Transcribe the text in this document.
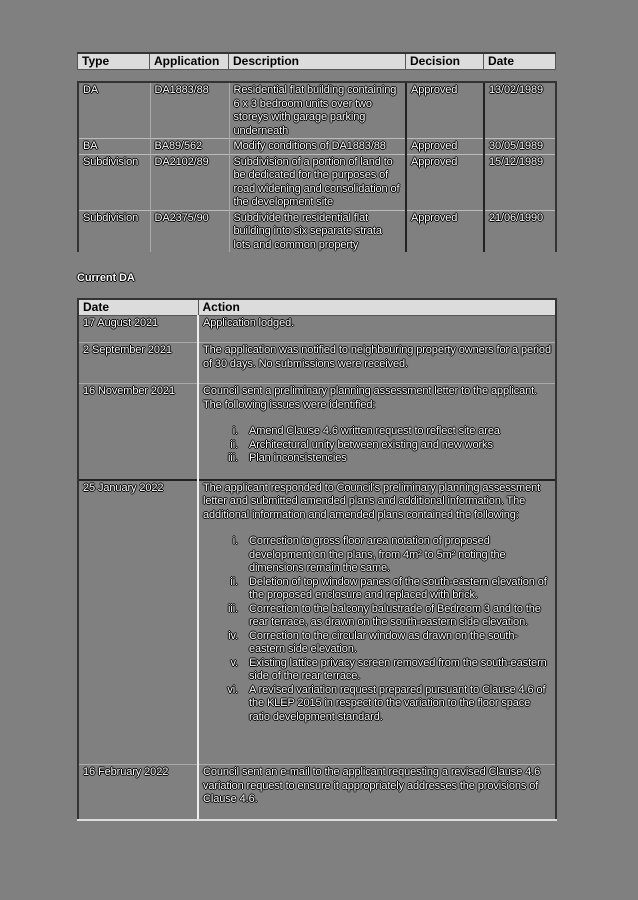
Type	Application	Description	Decision	Date
DA	DA1883/88	Residential flat building containing 6 x 3 bedroom units over two storeys with garage parking underneath	Approved	13/02/1989
BA	BA89/562	Modify conditions of DA1883/88	Approved	30/05/1989
Subdivision	DA2102/89	Subdivision of a portion of land to be dedicated for the purposes of road widening and consolidation of the development site	Approved	15/12/1989
Subdivision	DA2375/90	Subdivide the residential flat building into six separate strata lots and common property	Approved	21/06/1990
Current DA
Date	Action
17 August 2021	Application lodged.
2 September 2021	The application was notified to neighbouring property owners for a period of 30 days. No submissions were received.
16 November 2021	Council sent a preliminary planning assessment letter to the applicant. The following issues were identified:

i. Amend Clause 4.6 written request to reflect site area
ii. Architectural unity between existing and new works
iii. Plan inconsistencies

25 January 2022	The applicant responded to Council's preliminary planning assessment letter and submitted amended plans and additional information. The additional information and amended plans contained the following:

i. Correction to gross floor area notation of proposed development on the plans, from 4m² to 5m² noting the dimensions remain the same.
ii. Deletion of top window panes of the south-eastern elevation of the proposed enclosure and replaced with brick.
iii. Correction to the balcony balustrade of Bedroom 3 and to the rear terrace, as drawn on the south-eastern side elevation.
iv. Correction to the circular window as drawn on the south-eastern side elevation.
v. Existing lattice privacy screen removed from the south-eastern side of the rear terrace.
vi. A revised variation request prepared pursuant to Clause 4.6 of the KLEP 2015 in respect to the variation to the floor space ratio development standard.

16 February 2022	Council sent an e-mail to the applicant requesting a revised Clause 4.6 variation request to ensure it appropriately addresses the provisions of Clause 4.6.
